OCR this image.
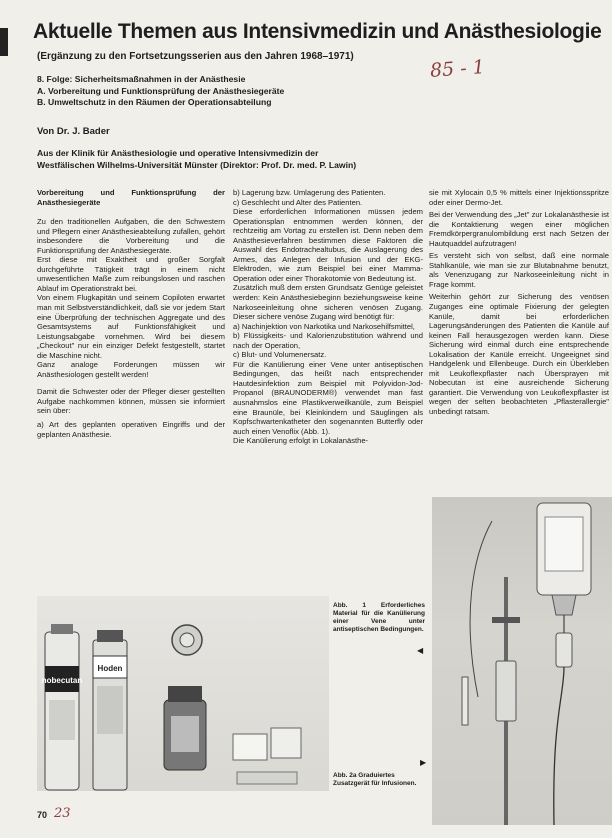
Aktuelle Themen aus Intensivmedizin und Anästhesiologie
(Ergänzung zu den Fortsetzungsserien aus den Jahren 1968–1971)	85 - 1
8. Folge: Sicherheitsmaßnahmen in der Anästhesie
A. Vorbereitung und Funktionsprüfung der Anästhesiegeräte
B. Umweltschutz in den Räumen der Operationsabteilung
Von Dr. J. Bader
Aus der Klinik für Anästhesiologie und operative Intensivmedizin der
Westfälischen Wilhelms-Universität Münster (Direktor: Prof. Dr. med. P. Lawin)

Vorbereitung und Funktionsprüfung der Anästhesiegeräte

Zu den traditionellen Aufgaben, die den Schwestern und Pflegern einer Anästhesieabteilung zufallen, gehört insbesondere die Vorbereitung und die Funktionsprüfung der Anästhesiegeräte.

Erst diese mit Exaktheit und großer Sorgfalt durchgeführte Tätigkeit trägt in einem nicht unwesentlichen Maße zum reibungslosen und raschen Ablauf im Operationstrakt bei.

Von einem Flugkapitän und seinem Copiloten erwartet man mit Selbstverständlichkeit, daß sie vor jedem Start eine Überprüfung der technischen Aggregate und des Gesamtsystems auf Funktionsfähigkeit und Leistungsabgabe vornehmen. Wird bei diesem „Checkout" nur ein einziger Defekt festgestellt, startet die Maschine nicht.

Ganz analoge Forderungen müssen wir Anästhesiologen gestellt werden!

Damit die Schwester oder der Pfleger dieser gestellten Aufgabe nachkommen können, müssen sie informiert sein über:

a) Art des geplanten operativen Eingriffs und der geplanten Anästhesie.

b) Lagerung bzw. Umlagerung des Patienten.

c) Geschlecht und Alter des Patienten.

Diese erforderlichen Informationen müssen jedem Operationsplan entnommen werden können, der rechtzeitig am Vortag zu erstellen ist. Denn neben dem Anästhesieverfahren bestimmen diese Faktoren die Auswahl des Endotrachealtubus, die Auslagerung des Armes, das Anlegen der Infusion und der EKG-Elektroden, wie zum Beispiel bei einer Mamma-Operation oder einer Thorakotomie von Bedeutung ist.

Zusätzlich muß dem ersten Grundsatz Genüge geleistet werden: Kein Anästhesiebeginn beziehungsweise keine Narkoseeinleitung ohne sicheren venösen Zugang. Dieser sichere venöse Zugang wird benötigt für:

a) Nachinjektion von Narkotika und Narkosehilfsmittel,

b) Flüssigkeits- und Kalorienzubstitution während und nach der Operation,

c) Blut- und Volumenersatz.

Für die Kanülierung einer Vene unter antiseptischen Bedingungen, das heißt nach entsprechender Hautdesinfektion zum Beispiel mit Polyvidon-Jod-Propanol (BRAUNODERM®) verwendet man fast ausnahmslos eine Plastikverweilkanüle, zum Beispiel eine Braunüle, bei Kleinkindern und Säuglingen als Kopfschwartenkatheter den sogenannten Butterfly oder auch einen Venoflix (Abb. 1).

Die Kanülierung erfolgt in Lokalanästhe-

sie mit Xylocain 0,5 % mittels einer Injektionsspritze oder einer Dermo-Jet.

Bei der Verwendung des „Jet" zur Lokalanästhesie ist die Kontaktierung wegen einer möglichen Fremdkörpergranulombildung erst nach Setzen der Hautquaddel aufzutragen!

Es versteht sich von selbst, daß eine normale Stahlkanüle, wie man sie zur Blutabnahme benutzt, als Venenzugang zur Narkoseeinleitung nicht in Frage kommt.

Weiterhin gehört zur Sicherung des venösen Zuganges eine optimale Fixierung der gelegten Kanüle, damit bei erforderlichen Lagerungsänderungen des Patienten die Kanüle auf keinen Fall herausgezogen werden kann. Diese Sicherung wird einmal durch eine entsprechende Lokalisation der Kanüle erreicht. Ungeeignet sind Handgelenk und Ellenbeuge. Durch ein Überkleben mit Leukoflexpflaster nach Übersprayen mit Nobecutan ist eine ausreichende Sicherung garantiert. Die Verwendung von Leukoflexpflaster ist wegen der selten beobachteten „Pflasterallergie" unbedingt ratsam.

nobecutan
Hoden
Abb. 1 Erforderliches Material für die Kanülierung einer Vene unter antiseptischen Bedingungen.
◀
▶
Abb. 2a Graduiertes Zusatzgerät für Infusionen.
70 23
